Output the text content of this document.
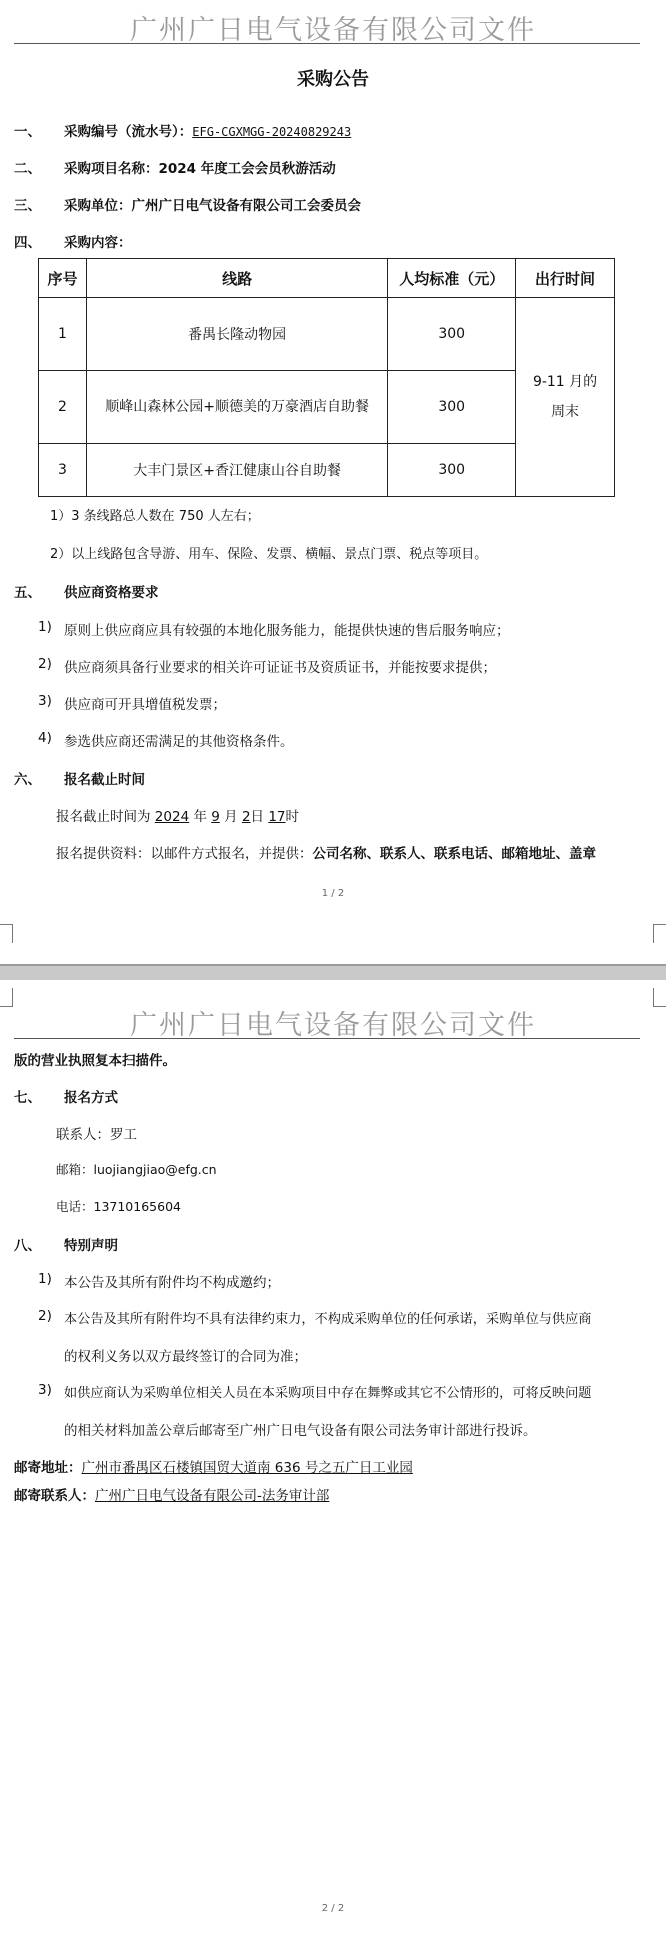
广州广日电气设备有限公司文件
采购公告
一、 采购编号（流水号）：EFG-CGXMGG-20240829243
二、 采购项目名称：2024 年度工会会员秋游活动
三、 采购单位：广州广日电气设备有限公司工会委员会
四、 采购内容：
序号	线路	人均标准（元）	出行时间
1	番禺长隆动物园	300	9-11 月的周末
2	顺峰山森林公园+顺德美的万豪酒店自助餐	300	
3	大丰门景区+香江健康山谷自助餐	300	
1）3 条线路总人数在 750 人左右；
2）以上线路包含导游、用车、保险、发票、横幅、景点门票、税点等项目。
五、 供应商资格要求
1) 原则上供应商应具有较强的本地化服务能力，能提供快速的售后服务响应；
2) 供应商须具备行业要求的相关许可证证书及资质证书，并能按要求提供；
3) 供应商可开具增值税发票；
4) 参选供应商还需满足的其他资格条件。
六、 报名截止时间
报名截止时间为 2024 年 9 月 2日 17时
报名提供资料：以邮件方式报名，并提供：公司名称、联系人、联系电话、邮箱地址、盖章
1 / 2
广州广日电气设备有限公司文件
版的营业执照复本扫描件。
七、 报名方式
联系人：罗工
邮箱：luojiangjiao@efg.cn
电话：13710165604
八、 特别声明
1) 本公告及其所有附件均不构成邀约；
2) 本公告及其所有附件均不具有法律约束力，不构成采购单位的任何承诺，采购单位与供应商
的权利义务以双方最终签订的合同为准；
3) 如供应商认为采购单位相关人员在本采购项目中存在舞弊或其它不公情形的，可将反映问题
的相关材料加盖公章后邮寄至广州广日电气设备有限公司法务审计部进行投诉。
邮寄地址：广州市番禺区石楼镇国贸大道南 636 号之五广日工业园
邮寄联系人：广州广日电气设备有限公司-法务审计部
2 / 2
